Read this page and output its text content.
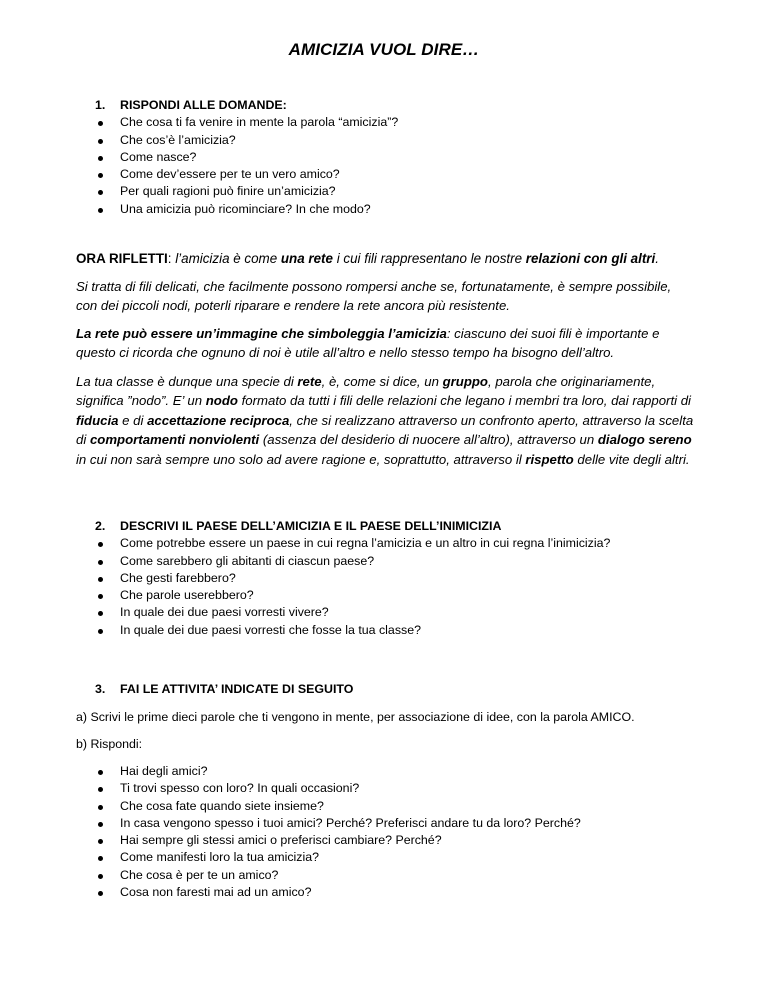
AMICIZIA VUOL DIRE…
1.	RISPONDI ALLE DOMANDE:
Che cosa ti fa venire in mente la parola “amicizia”?
Che cos’è l’amicizia?
Come nasce?
Come dev’essere per te un vero amico?
Per quali ragioni può finire un’amicizia?
Una amicizia può ricominciare? In che modo?

ORA RIFLETTI: l’amicizia è come una rete i cui fili rappresentano le nostre relazioni con gli altri.

Si tratta di fili delicati, che facilmente possono rompersi anche se, fortunatamente, è sempre possibile, con dei piccoli nodi, poterli riparare e rendere la rete ancora più resistente.

La rete può essere un’immagine che simboleggia l’amicizia: ciascuno dei suoi fili è importante e questo ci ricorda che ognuno di noi è utile all’altro e nello stesso tempo ha bisogno dell’altro.

La tua classe è dunque una specie di rete, è, come si dice, un gruppo, parola che originariamente, significa ”nodo”. E’ un nodo formato da tutti i fili delle relazioni che legano i membri tra loro, dai rapporti di fiducia e di accettazione reciproca, che si realizzano attraverso un confronto aperto, attraverso la scelta di comportamenti nonviolenti (assenza del desiderio di nuocere all’altro), attraverso un dialogo sereno in cui non sarà sempre uno solo ad avere ragione e, soprattutto, attraverso il rispetto delle vite degli altri.

2.	DESCRIVI IL PAESE DELL’AMICIZIA E IL PAESE DELL’INIMICIZIA
Come potrebbe essere un paese in cui regna l’amicizia e un altro in cui regna l’inimicizia?
Come sarebbero gli abitanti di ciascun paese?
Che gesti farebbero?
Che parole userebbero?
In quale dei due paesi vorresti vivere?
In quale dei due paesi vorresti che fosse la tua classe?
3.	FAI LE ATTIVITA’ INDICATE DI SEGUITO

a) Scrivi le prime dieci parole che ti vengono in mente, per associazione di idee, con la parola AMICO.

b) Rispondi:

Hai degli amici?
Ti trovi spesso con loro? In quali occasioni?
Che cosa fate quando siete insieme?
In casa vengono spesso i tuoi amici? Perché? Preferisci andare tu da loro? Perché?
Hai sempre gli stessi amici o preferisci cambiare? Perché?
Come manifesti loro la tua amicizia?
Che cosa è per te un amico?
Cosa non faresti mai ad un amico?
